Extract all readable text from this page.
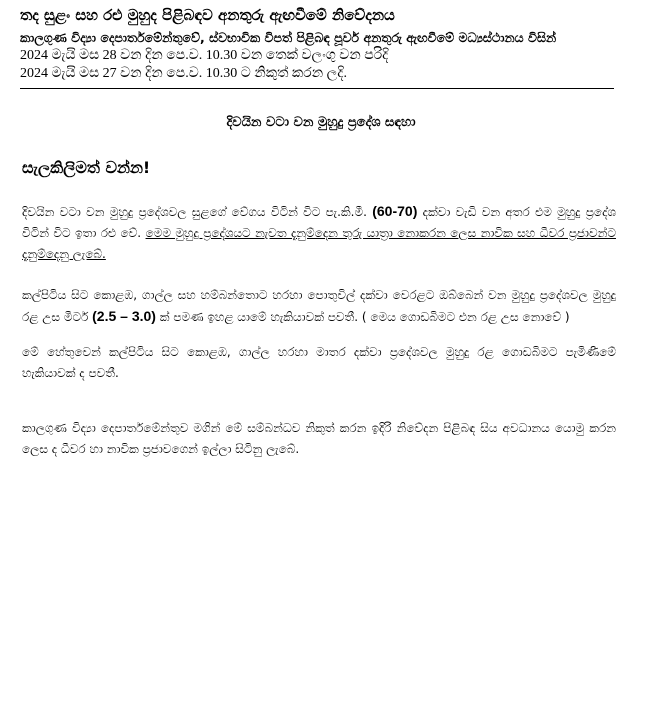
තද සුළං සහ රළු මුහුද පිළිබඳව අනතුරු ඇඟවීමේ නිවේදනය
කාලගුණ විද්‍යා දෙපාර්තමේන්තුවේ, ස්වභාවික විපත් පිළිබඳ පූර්ව අනතුරු ඇඟවීමේ මධ්‍යස්ථානය විසින්
2024 මැයි මස 28 වන දින පෙ.ව. 10.30 වන තෙක් වලංගු වන පරිදි
2024 මැයි මස 27 වන දින පෙ.ව. 10.30 ට නිකුත් කරන ලදි.
දිවයින වටා වන මුහුදු ප්‍රදේශ සඳහා
සැලකිලිමත් වන්න!
දිවයින වටා වන මුහුදු ප්‍රදේශවල සුළගේ වේගය විටින් විට පැ.කි.මී. (60-70) දක්වා වැඩි වන අතර එම මුහුදු ප්‍රදේශ විටින් විට ඉතා රළු වේ. මෙම මුහුදු ප්‍රදේශයට නැවත දැනුම්දෙන තුරු යාත්‍රා නොකරන ලෙස නාවික සහ ධීවර ප්‍රජාවන්ට දැනුම්දෙනු ලැබේ.
කල්පිටිය සිට කොළඹ, ගාල්ල සහ හම්බන්තොට හරහා පොතුවිල් දක්වා වෙරළට ඔබ්බෙන් වන මුහුදු ප්‍රදේශවල මුහුදු රළ උස මීටර් (2.5 – 3.0) ක් පමණ ඉහළ යාමේ හැකියාවක් පවතී. ( මෙය ගොඩබිමට එන රළ උස නොවේ )
මේ හේතුවෙන් කල්පිටිය සිට කොළඹ, ගාල්ල හරහා මාතර දක්වා ප්‍රදේශවල මුහුදු රළ ගොඩබිමට පැමිණීමේ හැකියාවක් ද පවතී.
කාලගුණ විද්‍යා දෙපාර්තමේන්තුව මගින් මේ සම්බන්ධව නිකුත් කරන ඉදිරි නිවේදන පිළිබඳ සිය අවධානය යොමු කරන ලෙස ද ධීවර හා නාවික ප්‍රජාවගෙන් ඉල්ලා සිටිනු ලැබේ.
